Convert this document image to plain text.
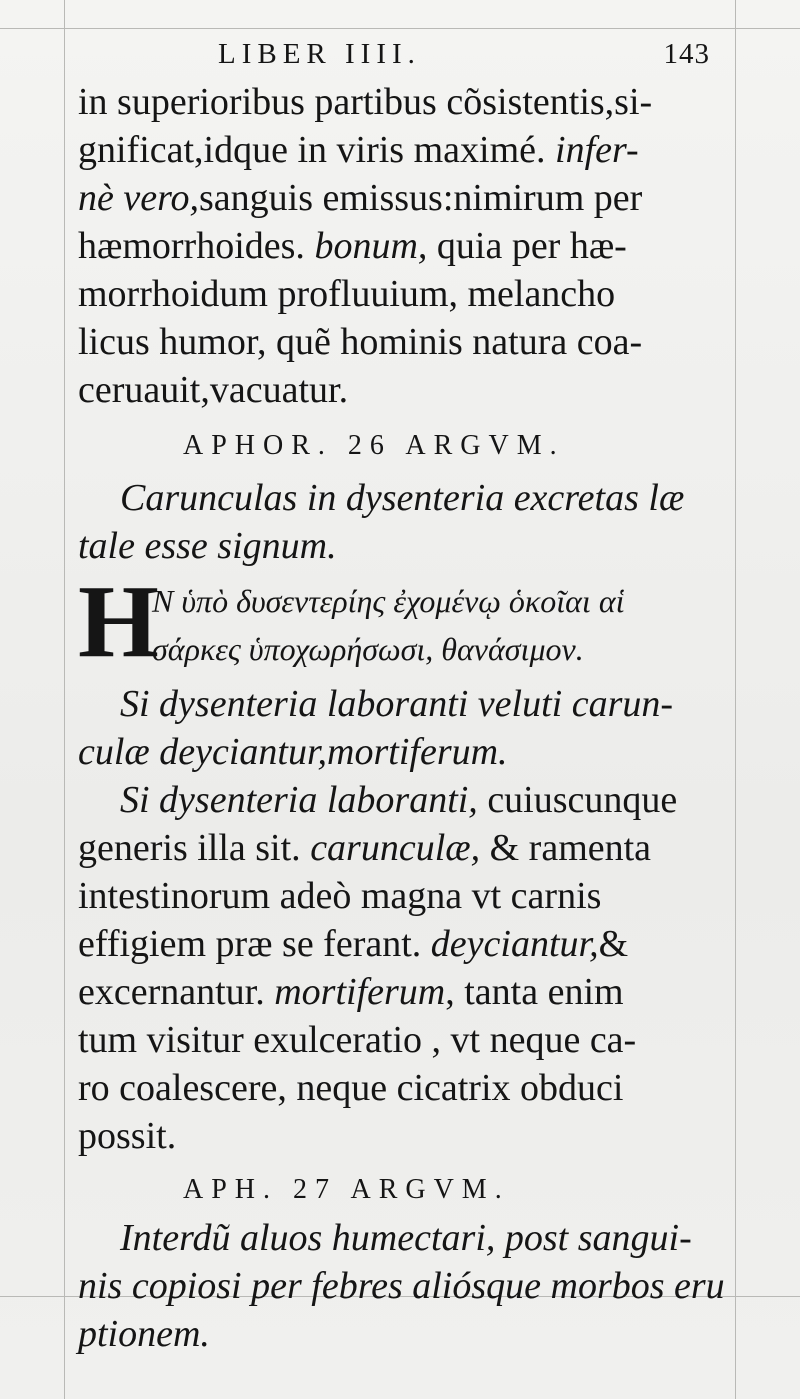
LIBER IIII.	143
in superioribus partibus cõsistentis,si-
gnificat,idque in viris maximé. infer-
nè vero,sanguis emissus:nimirum per
hæmorrhoides. bonum, quia per hæ-
morrhoidum profluuium, melancho
licus humor, quẽ hominis natura coa-
ceruauit,vacuatur.
APHOR. 26 ARGVM.
Carunculas in dysenteria excretas læ
tale esse signum.
H
Ν ὑπὸ δυσεντερίης ἐχομένῳ ὁκοῖαι αἱ
σάρκες ὑποχωρήσωσι, θανάσιμον.
Si dysenteria laboranti veluti carun-
culæ deyciantur,mortiferum.
Si dysenteria laboranti, cuiuscunque
generis illa sit. carunculæ, & ramenta
intestinorum adeò magna vt carnis
effigiem præ se ferant. deyciantur,&
excernantur. mortiferum, tanta enim
tum visitur exulceratio , vt neque ca-
ro coalescere, neque cicatrix obduci
possit.
APH. 27 ARGVM.
Interdũ aluos humectari, post sangui-
nis copiosi per febres aliósque morbos eru
ptionem.
